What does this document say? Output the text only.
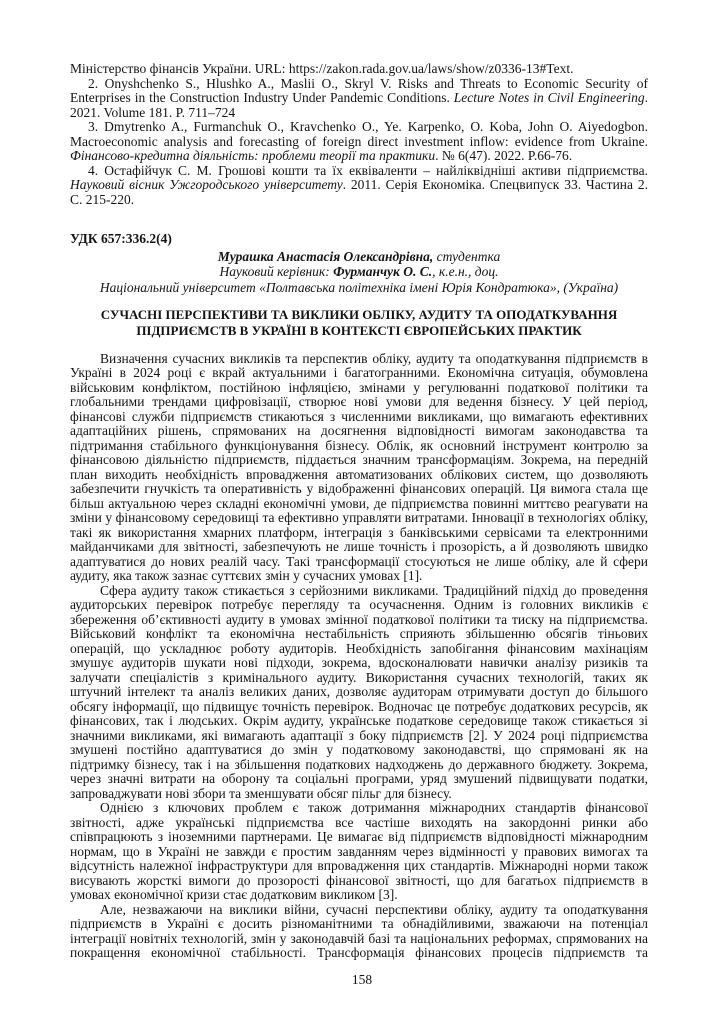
Міністерство фінансів України. URL: https://zakon.rada.gov.ua/laws/show/z0336-13#Text.

2. Onyshchenko S., Hlushko A., Maslii O., Skryl V. Risks and Threats to Economic Security of Enterprises in the Construction Industry Under Pandemic Conditions. Lecture Notes in Civil Engineering. 2021. Volume 181. P. 711–724

3. Dmytrenko A., Furmanchuk O., Kravchenko O., Ye. Karpenko, O. Koba, John O. Aiyedogbon. Macroeconomic analysis and forecasting of foreign direct investment inflow: evidence from Ukraine. Фінансово-кредитна діяльність: проблеми теорії та практики. № 6(47). 2022. P.66-76.

4. Остафійчук С. М. Грошові кошти та їх еквіваленти – найліквідніші активи підприємства. Науковий вісник Ужгородського університету. 2011. Серія Економіка. Спецвипуск 33. Частина 2. С. 215-220.

УДК 657:336.2(4)
Мурашка Анастасія Олександрівна, студентка
Науковий керівник: Фурманчук О. С., к.е.н., доц.
Національний університет «Полтавська політехніка імені Юрія Кондратюка», (Україна)
СУЧАСНІ ПЕРСПЕКТИВИ ТА ВИКЛИКИ ОБЛІКУ, АУДИТУ ТА ОПОДАТКУВАННЯ ПІДПРИЄМСТВ В УКРАЇНІ В КОНТЕКСТІ ЄВРОПЕЙСЬКИХ ПРАКТИК

Визначення сучасних викликів та перспектив обліку, аудиту та оподаткування підприємств в Україні в 2024 році є вкрай актуальними і багатогранними. Економічна ситуація, обумовлена військовим конфліктом, постійною інфляцією, змінами у регулюванні податкової політики та глобальними трендами цифровізації, створює нові умови для ведення бізнесу. У цей період, фінансові служби підприємств стикаються з численними викликами, що вимагають ефективних адаптаційних рішень, спрямованих на досягнення відповідності вимогам законодавства та підтримання стабільного функціонування бізнесу. Облік, як основний інструмент контролю за фінансовою діяльністю підприємств, піддається значним трансформаціям. Зокрема, на передній план виходить необхідність впровадження автоматизованих облікових систем, що дозволяють забезпечити гнучкість та оперативність у відображенні фінансових операцій. Ця вимога стала ще більш актуальною через складні економічні умови, де підприємства повинні миттєво реагувати на зміни у фінансовому середовищі та ефективно управляти витратами. Інновації в технологіях обліку, такі як використання хмарних платформ, інтеграція з банківськими сервісами та електронними майданчиками для звітності, забезпечують не лише точність і прозорість, а й дозволяють швидко адаптуватися до нових реалій часу. Такі трансформації стосуються не лише обліку, але й сфери аудиту, яка також зазнає суттєвих змін у сучасних умовах [1].

Сфера аудиту також стикається з серйозними викликами. Традиційний підхід до проведення аудиторських перевірок потребує перегляду та осучаснення. Одним із головних викликів є збереження об’єктивності аудиту в умовах змінної податкової політики та тиску на підприємства. Військовий конфлікт та економічна нестабільність сприяють збільшенню обсягів тіньових операцій, що ускладнює роботу аудиторів. Необхідність запобігання фінансовим махінаціям змушує аудиторів шукати нові підходи, зокрема, вдосконалювати навички аналізу ризиків та залучати спеціалістів з кримінального аудиту. Використання сучасних технологій, таких як штучний інтелект та аналіз великих даних, дозволяє аудиторам отримувати доступ до більшого обсягу інформації, що підвищує точність перевірок. Водночас це потребує додаткових ресурсів, як фінансових, так і людських. Окрім аудиту, українське податкове середовище також стикається зі значними викликами, які вимагають адаптації з боку підприємств [2]. У 2024 році підприємства змушені постійно адаптуватися до змін у податковому законодавстві, що спрямовані як на підтримку бізнесу, так і на збільшення податкових надходжень до державного бюджету. Зокрема, через значні витрати на оборону та соціальні програми, уряд змушений підвищувати податки, запроваджувати нові збори та зменшувати обсяг пільг для бізнесу.

Однією з ключових проблем є також дотримання міжнародних стандартів фінансової звітності, адже українські підприємства все частіше виходять на закордонні ринки або співпрацюють з іноземними партнерами. Це вимагає від підприємств відповідності міжнародним нормам, що в Україні не завжди є простим завданням через відмінності у правових вимогах та відсутність належної інфраструктури для впровадження цих стандартів. Міжнародні норми також висувають жорсткі вимоги до прозорості фінансової звітності, що для багатьох підприємств в умовах економічної кризи стає додатковим викликом [3].

Але, незважаючи на виклики війни, сучасні перспективи обліку, аудиту та оподаткування підприємств в Україні є досить різноманітними та обнадійливими, зважаючи на потенціал інтеграції новітніх технологій, змін у законодавчій базі та національних реформах, спрямованих на покращення економічної стабільності. Трансформація фінансових процесів підприємств та

158
